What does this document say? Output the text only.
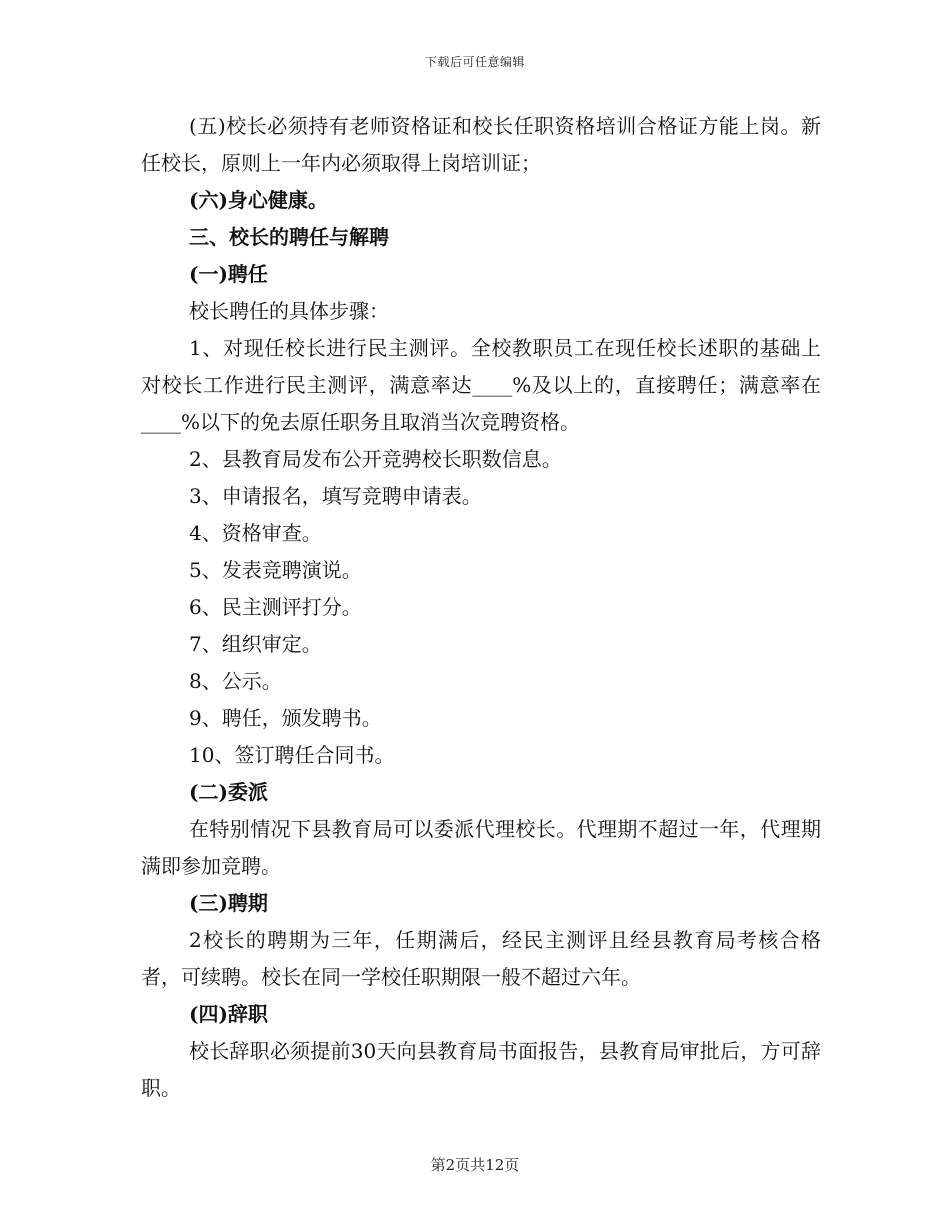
下载后可任意编辑

(五)校长必须持有老师资格证和校长任职资格培训合格证方能上岗。新任校长，原则上一年内必须取得上岗培训证；

(六)身心健康。

三、校长的聘任与解聘

(一)聘任

校长聘任的具体步骤：

1、对现任校长进行民主测评。全校教职员工在现任校长述职的基础上对校长工作进行民主测评，满意率达____%及以上的，直接聘任；满意率在____%以下的免去原任职务且取消当次竞聘资格。

2、县教育局发布公开竞骋校长职数信息。

3、申请报名，填写竞聘申请表。

4、资格审查。

5、发表竞聘演说。

6、民主测评打分。

7、组织审定。

8、公示。

9、聘任，颁发聘书。

10、签订聘任合同书。

(二)委派

在特别情况下县教育局可以委派代理校长。代理期不超过一年，代理期满即参加竞聘。

(三)聘期

2校长的聘期为三年，任期满后，经民主测评且经县教育局考核合格者，可续聘。校长在同一学校任职期限一般不超过六年。

(四)辞职

校长辞职必须提前30天向县教育局书面报告，县教育局审批后，方可辞职。

第2页共12页
